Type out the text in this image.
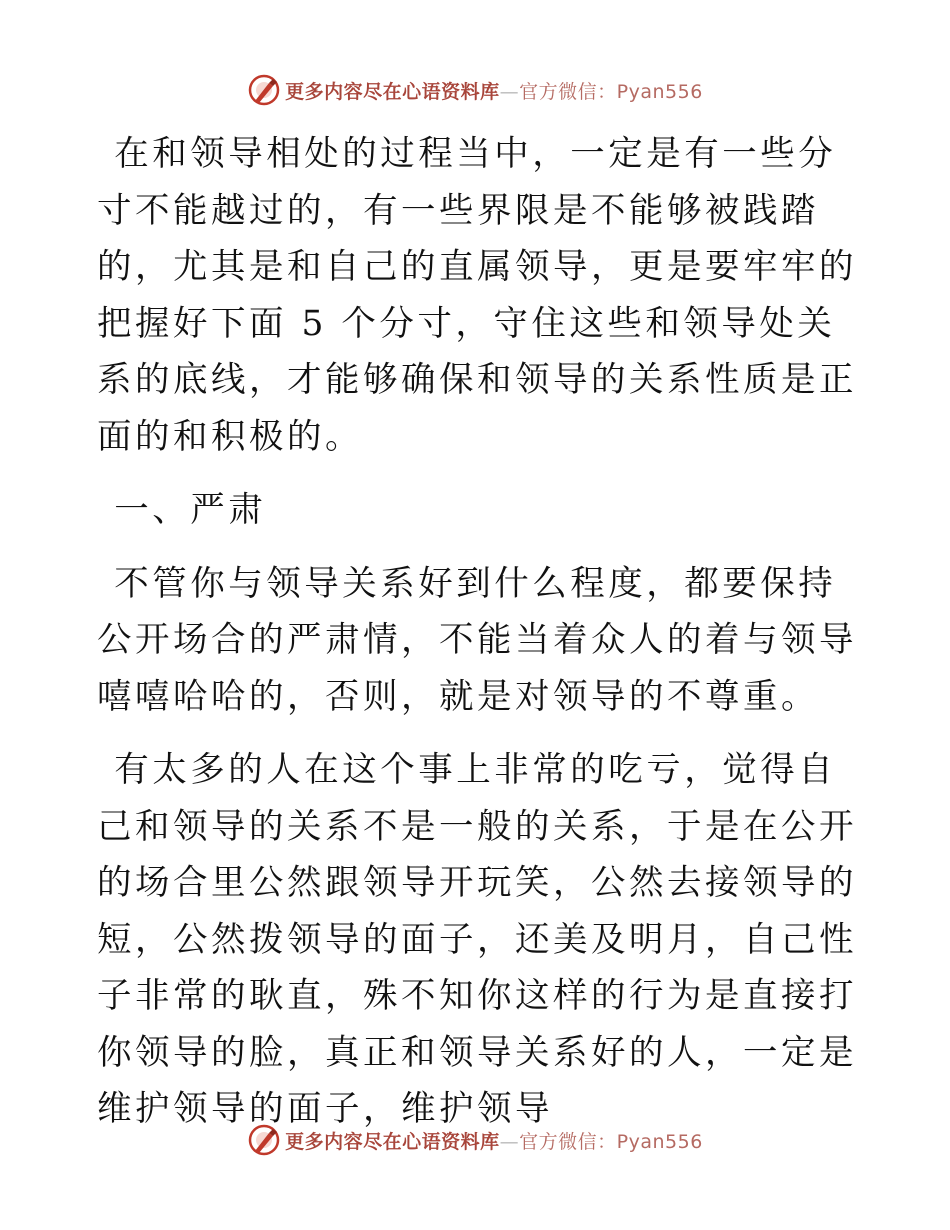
更多内容尽在心语资料库—官方微信：Pyan556

在和领导相处的过程当中，一定是有一些分寸不能越过的，有一些界限是不能够被践踏的，尤其是和自己的直属领导，更是要牢牢的把握好下面 5 个分寸，守住这些和领导处关系的底线，才能够确保和领导的关系性质是正面的和积极的。

一、严肃

不管你与领导关系好到什么程度，都要保持公开场合的严肃情，不能当着众人的着与领导嘻嘻哈哈的，否则，就是对领导的不尊重。

有太多的人在这个事上非常的吃亏，觉得自己和领导的关系不是一般的关系，于是在公开的场合里公然跟领导开玩笑，公然去接领导的短，公然拨领导的面子，还美及明月，自己性子非常的耿直，殊不知你这样的行为是直接打你领导的脸，真正和领导关系好的人，一定是维护领导的面子，维护领导

更多内容尽在心语资料库—官方微信：Pyan556
